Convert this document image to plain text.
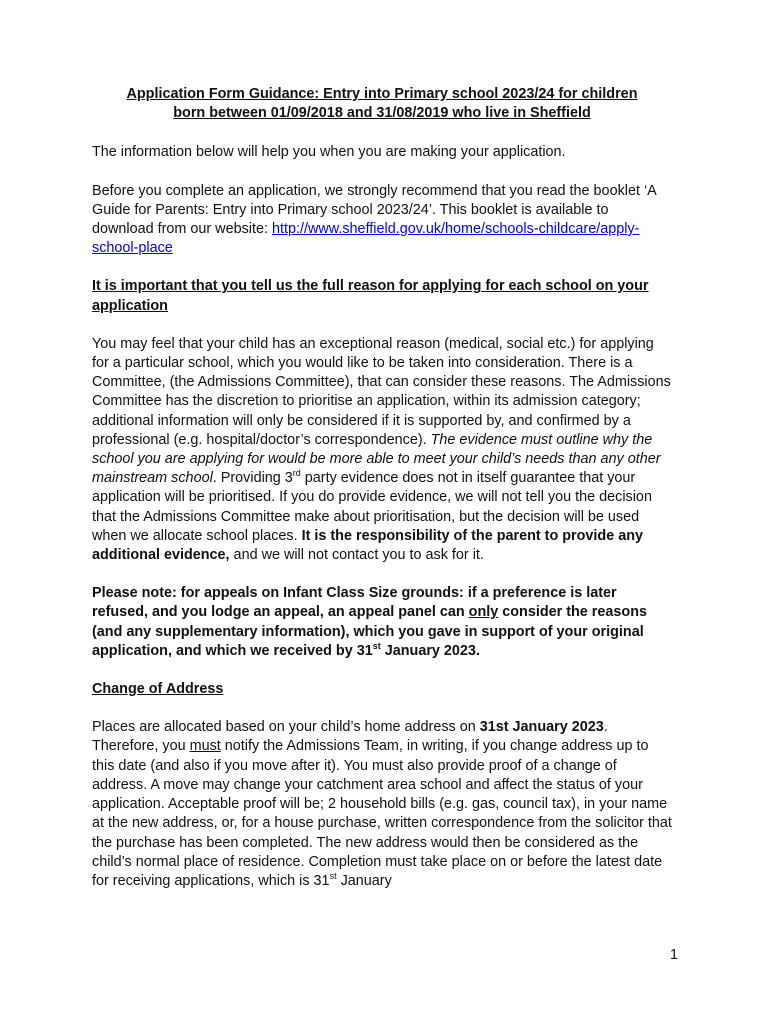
Application Form Guidance: Entry into Primary school 2023/24 for children
born between 01/09/2018 and 31/08/2019 who live in Sheffield

The information below will help you when you are making your application.

Before you complete an application, we strongly recommend that you read the booklet ‘A Guide for Parents: Entry into Primary school 2023/24’. This booklet is available to download from our website: http://www.sheffield.gov.uk/home/schools-childcare/apply-school-place

It is important that you tell us the full reason for applying for each school on your application

You may feel that your child has an exceptional reason (medical, social etc.) for applying for a particular school, which you would like to be taken into consideration. There is a Committee, (the Admissions Committee), that can consider these reasons. The Admissions Committee has the discretion to prioritise an application, within its admission category; additional information will only be considered if it is supported by, and confirmed by a professional (e.g. hospital/doctor’s correspondence). The evidence must outline why the school you are applying for would be more able to meet your child’s needs than any other mainstream school. Providing 3rd party evidence does not in itself guarantee that your application will be prioritised. If you do provide evidence, we will not tell you the decision that the Admissions Committee make about prioritisation, but the decision will be used when we allocate school places. It is the responsibility of the parent to provide any additional evidence, and we will not contact you to ask for it.

Please note: for appeals on Infant Class Size grounds: if a preference is later refused, and you lodge an appeal, an appeal panel can only consider the reasons (and any supplementary information), which you gave in support of your original application, and which we received by 31st January 2023.

Change of Address

Places are allocated based on your child’s home address on 31st January 2023. Therefore, you must notify the Admissions Team, in writing, if you change address up to this date (and also if you move after it). You must also provide proof of a change of address. A move may change your catchment area school and affect the status of your application. Acceptable proof will be; 2 household bills (e.g. gas, council tax), in your name at the new address, or, for a house purchase, written correspondence from the solicitor that the purchase has been completed. The new address would then be considered as the child’s normal place of residence. Completion must take place on or before the latest date for receiving applications, which is 31st January

1
